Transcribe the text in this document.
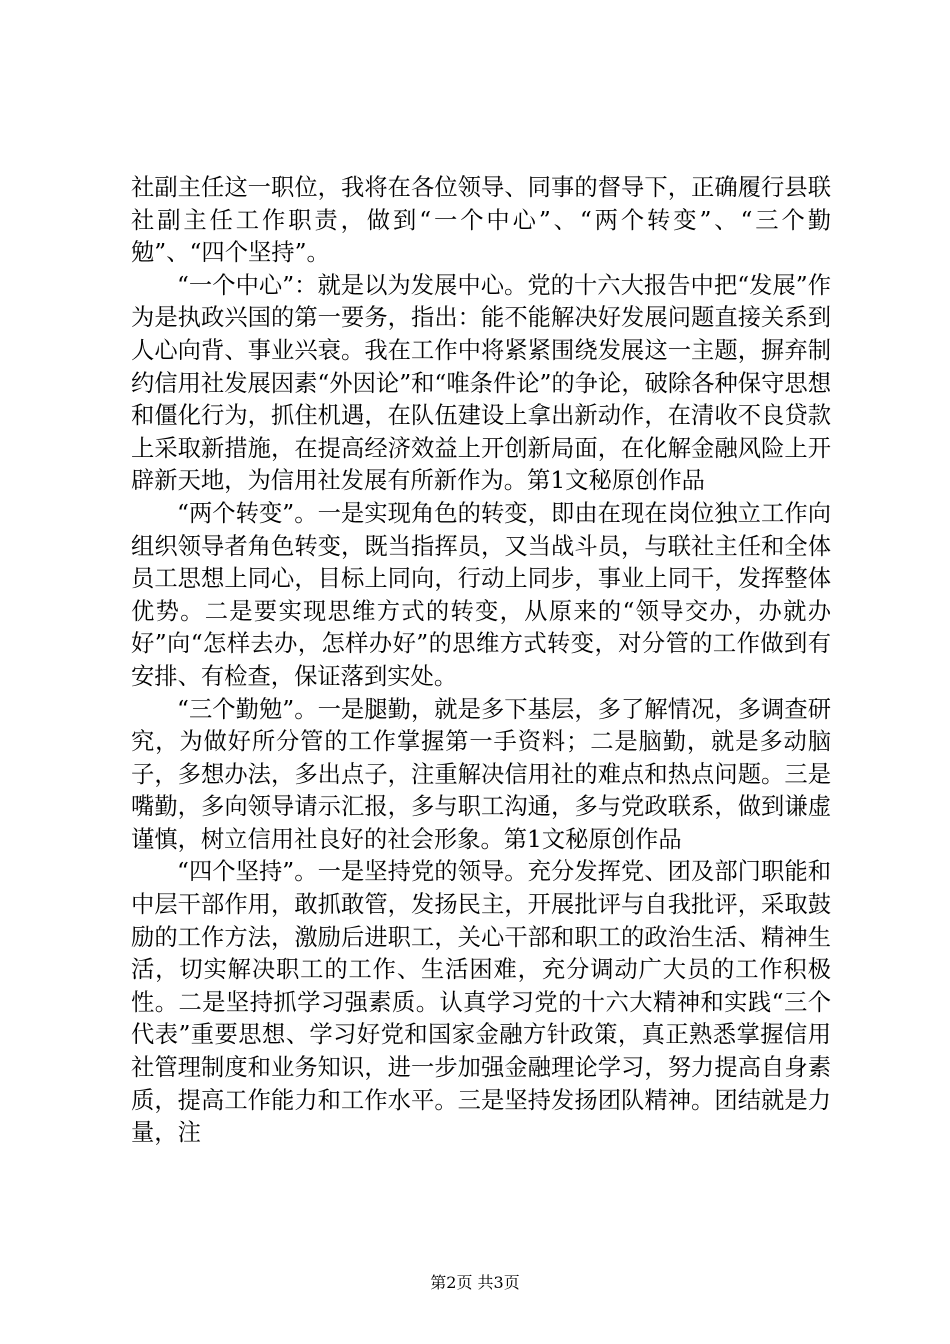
社副主任这一职位，我将在各位领导、同事的督导下，正确履行县联社副主任工作职责，做到“一个中心”、“两个转变”、“三个勤勉”、“四个坚持”。

“一个中心”：就是以为发展中心。党的十六大报告中把“发展”作为是执政兴国的第一要务，指出：能不能解决好发展问题直接关系到人心向背、事业兴衰。我在工作中将紧紧围绕发展这一主题，摒弃制约信用社发展因素“外因论”和“唯条件论”的争论，破除各种保守思想和僵化行为，抓住机遇，在队伍建设上拿出新动作，在清收不良贷款上采取新措施，在提高经济效益上开创新局面，在化解金融风险上开辟新天地，为信用社发展有所新作为。第1文秘原创作品

“两个转变”。一是实现角色的转变，即由在现在岗位独立工作向组织领导者角色转变，既当指挥员，又当战斗员，与联社主任和全体员工思想上同心，目标上同向，行动上同步，事业上同干，发挥整体优势。二是要实现思维方式的转变，从原来的“领导交办，办就办好”向“怎样去办，怎样办好”的思维方式转变，对分管的工作做到有安排、有检查，保证落到实处。

“三个勤勉”。一是腿勤，就是多下基层，多了解情况，多调查研究，为做好所分管的工作掌握第一手资料；二是脑勤，就是多动脑子，多想办法，多出点子，注重解决信用社的难点和热点问题。三是嘴勤，多向领导请示汇报，多与职工沟通，多与党政联系，做到谦虚谨慎，树立信用社良好的社会形象。第1文秘原创作品

“四个坚持”。一是坚持党的领导。充分发挥党、团及部门职能和中层干部作用，敢抓敢管，发扬民主，开展批评与自我批评，采取鼓励的工作方法，激励后进职工，关心干部和职工的政治生活、精神生活，切实解决职工的工作、生活困难，充分调动广大员的工作积极性。二是坚持抓学习强素质。认真学习党的十六大精神和实践“三个代表”重要思想、学习好党和国家金融方针政策，真正熟悉掌握信用社管理制度和业务知识，进一步加强金融理论学习，努力提高自身素质，提高工作能力和工作水平。三是坚持发扬团队精神。团结就是力量，注

第2页 共3页
